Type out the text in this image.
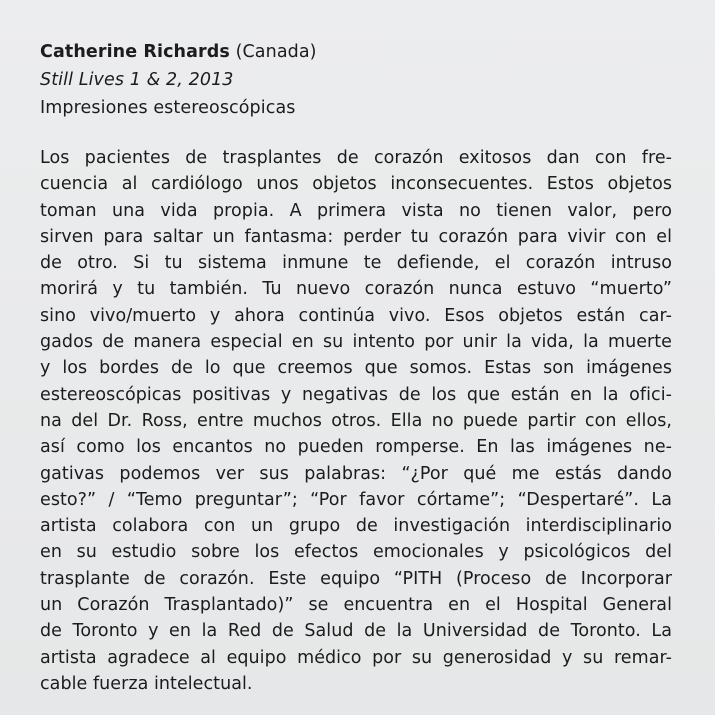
Catherine Richards (Canada)
Still Lives 1 & 2, 2013
Impresiones estereoscópicas
Los pacientes de trasplantes de corazón exitosos dan con fre-
cuencia al cardiólogo unos objetos inconsecuentes. Estos objetos
toman una vida propia. A primera vista no tienen valor, pero
sirven para saltar un fantasma: perder tu corazón para vivir con el
de otro. Si tu sistema inmune te defiende, el corazón intruso
morirá y tu también. Tu nuevo corazón nunca estuvo “muerto”
sino vivo/muerto y ahora continúa vivo. Esos objetos están car-
gados de manera especial en su intento por unir la vida, la muerte
y los bordes de lo que creemos que somos. Estas son imágenes
estereoscópicas positivas y negativas de los que están en la ofici-
na del Dr. Ross, entre muchos otros. Ella no puede partir con ellos,
así como los encantos no pueden romperse. En las imágenes ne-
gativas podemos ver sus palabras: “¿Por qué me estás dando
esto?” / “Temo preguntar”; “Por favor córtame”; “Despertaré”. La
artista colabora con un grupo de investigación interdisciplinario
en su estudio sobre los efectos emocionales y psicológicos del
trasplante de corazón. Este equipo “PITH (Proceso de Incorporar
un Corazón Trasplantado)” se encuentra en el Hospital General
de Toronto y en la Red de Salud de la Universidad de Toronto. La
artista agradece al equipo médico por su generosidad y su remar-
cable fuerza intelectual.
